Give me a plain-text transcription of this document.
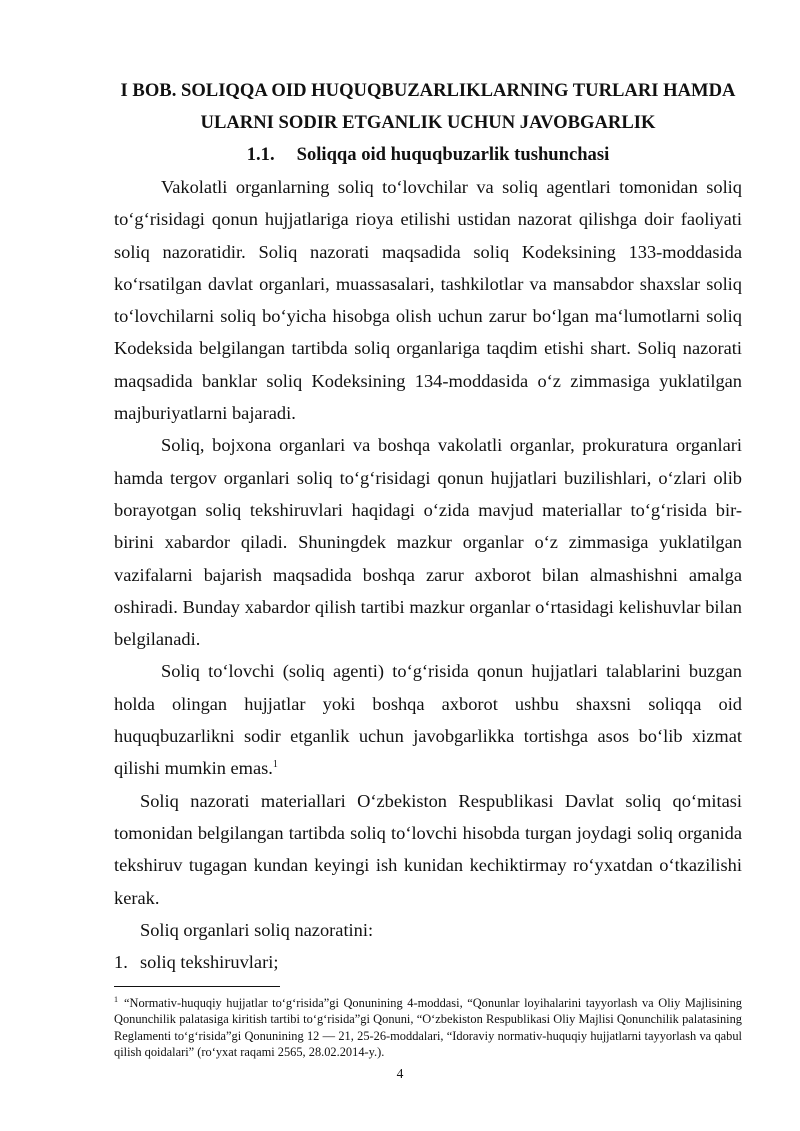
I BOB. SOLIQQA OID HUQUQBUZARLIKLARNING TURLARI HAMDA
ULARNI SODIR ETGANLIK UCHUN JAVOBGARLIK
1.1. Soliqqa oid huquqbuzarlik tushunchasi

Vakolatli organlarning soliq to‘lovchilar va soliq agentlari tomonidan soliq to‘g‘risidagi qonun hujjatlariga rioya etilishi ustidan nazorat qilishga doir faoliyati soliq nazoratidir. Soliq nazorati maqsadida soliq Kodeksining 133-moddasida ko‘rsatilgan davlat organlari, muassasalari, tashkilotlar va mansabdor shaxslar soliq to‘lovchilarni soliq bo‘yicha hisobga olish uchun zarur bo‘lgan ma‘lumotlarni soliq Kodeksida belgilangan tartibda soliq organlariga taqdim etishi shart. Soliq nazorati maqsadida banklar soliq Kodeksining 134-moddasida o‘z zimmasiga yuklatilgan majburiyatlarni bajaradi.

Soliq, bojxona organlari va boshqa vakolatli organlar, prokuratura organlari hamda tergov organlari soliq to‘g‘risidagi qonun hujjatlari buzilishlari, o‘zlari olib borayotgan soliq tekshiruvlari haqidagi o‘zida mavjud materiallar to‘g‘risida bir-birini xabardor qiladi. Shuningdek mazkur organlar o‘z zimmasiga yuklatilgan vazifalarni bajarish maqsadida boshqa zarur axborot bilan almashishni amalga oshiradi. Bunday xabardor qilish tartibi mazkur organlar o‘rtasidagi kelishuvlar bilan belgilanadi.

Soliq to‘lovchi (soliq agenti) to‘g‘risida qonun hujjatlari talablarini buzgan holda olingan hujjatlar yoki boshqa axborot ushbu shaxsni soliqqa oid huquqbuzarlikni sodir etganlik uchun javobgarlikka tortishga asos bo‘lib xizmat qilishi mumkin emas.$^1$

Soliq nazorati materiallari O‘zbekiston Respublikasi Davlat soliq qo‘mitasi tomonidan belgilangan tartibda soliq to‘lovchi hisobda turgan joydagi soliq organida tekshiruv tugagan kundan keyingi ish kunidan kechiktirmay ro‘yxatdan o‘tkazilishi kerak.

Soliq organlari soliq nazoratini:

1. soliq tekshiruvlari;

$^1$ “Normativ-huquqiy hujjatlar to‘g‘risida”gi Qonunining 4-moddasi, “Qonunlar loyihalarini tayyorlash va Oliy Majlisining Qonunchilik palatasiga kiritish tartibi to‘g‘risida”gi Qonuni, “O‘zbekiston Respublikasi Oliy Majlisi Qonunchilik palatasining Reglamenti to‘g‘risida”gi Qonunining 12 — 21, 25-26-moddalari, “Idoraviy normativ-huquqiy hujjatlarni tayyorlash va qabul qilish qoidalari” (ro‘yxat raqami 2565, 28.02.2014-y.).

4
